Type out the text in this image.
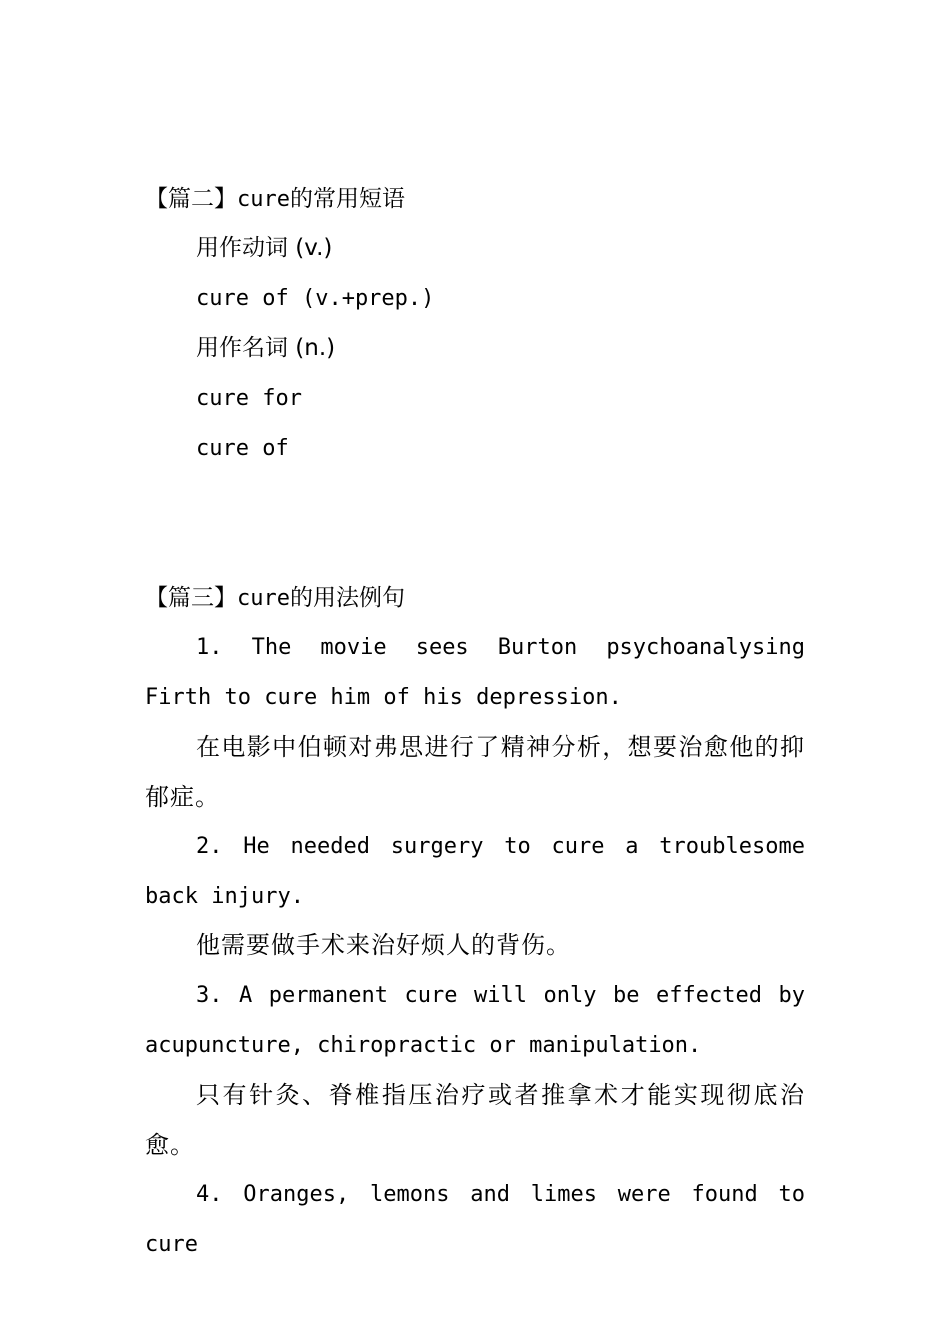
【篇二】cure的常用短语
用作动词 (v.)
cure of (v.+prep.)
用作名词 (n.)
cure for
cure of
【篇三】cure的用法例句
1. The movie sees Burton psychoanalysing Firth to cure him of his depression.
在电影中伯顿对弗思进行了精神分析，想要治愈他的抑郁症。
2. He needed surgery to cure a troublesome back injury.
他需要做手术来治好烦人的背伤。
3. A permanent cure will only be effected by acupuncture, chiropractic or manipulation.
只有针灸、脊椎指压治疗或者推拿术才能实现彻底治愈。
4. Oranges, lemons and limes were found to cure
